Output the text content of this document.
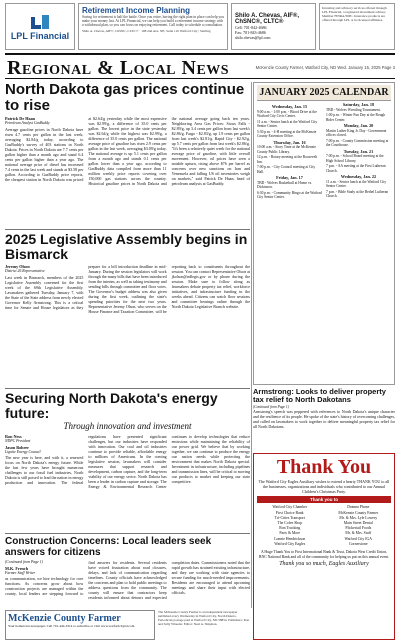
LPL Financial
Retirement Income Planning
Saving for retirement is half the battle. Once you retire, having the right plan in place can help you make your money last. At LPL Financial, we can help you build a retirement income strategy with a withdrawal plan, so you can focus on enjoying retirement. Call today to schedule a consultation.
Shilo A. Chevas, AIF®, ChSNC, CLTC® · 108 2nd Ave. NE, Suite 110 Watford City | Sterling
Shilo A. Chevas, AIF®, ChSNC®, CLTC®
Cell: 701-842-4686
Fax: 701-843-4686
shilo.chevas@lpl.com
Investing and advisory services offered through LPL Financial, a registered investment advisor, Member FINRA/SIPC. Insurance products are offered through LPL or its licensed affiliates.
Regional & Local News	McKenzie County Farmer, Watford City, ND Wed. January 15, 2025 Page 3
North Dakota gas prices continue to rise
Patrick De Haan
Petroleum Analyst GasBuddy
Average gasoline prices in North Dakota have risen 4.7 cents per gallon in the last week, averaging $2.84/g today, according to GasBuddy's survey of 403 stations in North Dakota. Prices in North Dakota are 7.7 cents per gallon higher than a month ago and stand 6.4 cents per gallon higher than a year ago. The national average price of diesel has increased 7.4 cents in the last week and stands at $3.58 per gallon. According to GasBuddy price reports, the cheapest station in North Dakota was priced at $2.64/g yesterday while the most expensive was $2.99/g, a difference of 35.0 cents per gallon. The lowest price in the state yesterday was $2.64/g while the highest was $2.99/g, a difference of 35.0 cents per gallon. The national average price of gasoline has risen 2.9 cents per gallon in the last week, averaging $3.09/g today. The national average is up 5.1 cents per gallon from a month ago and stands 0.1 cents per gallon lower than a year ago, according to GasBuddy data compiled from more than 11 million weekly price reports covering over 150,000 gas stations across the country. Historical gasoline prices in North Dakota and the national average going back ten years. Neighboring Area Gas Prices: Sioux Falls - $2.89/g, up 3.4 cents per gallon from last week's $2.86/g. Fargo - $2.83/g, up 1.9 cents per gallon from last week's $2.81/g. Rapid City - $2.92/g, up 5.7 cents per gallon from last week's $2.86/g. "It's been a relatively quiet week for the national average price of gasoline, with little overall movement. However, oil prices have seen a notable upturn, rising above $76 per barrel as concerns over new sanctions on Iran and Venezuela and falling US oil inventories weigh on markets," said Patrick De Haan, head of petroleum analysis at GasBuddy.
2025 Legislative Assembly begins in Bismarck
Jeremy Olson
District 26 Representative
Last week in Bismarck, members of the 2025 Legislative Assembly convened for the first week of the 69th Legislative Assembly. Lawmakers gathered Tuesday, January 7, with the State of the State address from newly elected Governor Kelly Armstrong. This is a critical time for Senate and House legislators as they prepare for a bill introduction deadline in mid-January. During the session legislators will work through the many bills that have been introduced from the interim, as well as taking testimony and sending bills through committee and floor votes. The Governor's budget address was also given during the first week, outlining the state's spending priorities for the next two years. Representative Jeremy Olson, who serves on the House Finance and Taxation Committee, will be reporting back to constituents throughout the session. You can contact Representative Olson at jkolson@ndlegis.gov or by phone during the session. Make sure to follow along as lawmakers debate property tax relief, workforce initiatives, and infrastructure funding in the weeks ahead. Citizens can watch floor sessions and committee hearings online through the North Dakota Legislative Branch website.
Securing North Dakota's energy future:
Through innovation and investment
Ron Ness
NDPC President
Jason Bohrer
Lignite Energy Council
The new year is here, and with it, a renewed focus on North Dakota's energy future. While the last few years have brought numerous challenges to our fossil fuel industries, North Dakota is still poised to lead the nation in energy production and innovation. The federal regulations have presented significant challenges, but our industries have responded with innovation. Our coal and oil industries continue to provide reliable, affordable energy to millions of Americans. In the coming legislative session, lawmakers will consider measures that support research and development, carbon capture, and the long-term viability of our energy sector. North Dakota has been a leader in carbon capture and storage. The Energy & Environmental Research Center continues to develop technologies that reduce emissions while maintaining the reliability of our power grid. We believe that by working together, we can continue to produce the energy our nation needs while protecting the environment that makes North Dakota special. Investment in infrastructure, including pipelines and transmission lines, will be critical to moving our products to market and keeping our state competitive.
Construction Concerns: Local leaders seek answers for citizens
(Continued from Page 1)
M.K. French
Farmer Staff Writer
as communication, we hire technology for core functions. As concerns grow about how construction projects are managed within the county, local leaders are stepping forward to find answers for residents. Several residents have voiced frustration about road closures, delays, and lack of communication regarding timelines. County officials have acknowledged the concerns and plan to hold public meetings to address questions from the community. The county will ensure that contractors keep residents informed about detours and expected completion dates. Commissioners noted that the rapid growth has strained existing infrastructure, and they are working with state agencies to secure funding for much-needed improvements. Residents are encouraged to attend upcoming meetings and share their input with elected officials.
McKenzie County Farmer
Your hometown newspaper. Call 701-444-3314 to subscribe or visit www.watfordcitynd.com
The McKenzie County Farmer is an independent newspaper published every Wednesday in Watford City, North Dakota. Periodicals postage paid at Watford City, ND 58854. Publishers: Ron and Sally Wheeler. Editor: Neal A. Shipman.
JANUARY 2025 CALENDAR
Wednesday, Jan. 15
9:00 a.m. - 1:00 p.m. - Blood Drive at the Watford City Civic Center.
11 a.m. - Senior lunch at the Watford City Senior Center.
5:30 p.m. - 4-H meeting at the McKenzie County Extension Office.
Thursday, Jan. 16
10:00 a.m. - Story Time at the McKenzie County Public Library.
12 p.m. - Rotary meeting at the Roosevelt Inn.
7:00 p.m. - City Council meeting at City Hall.
Friday, Jan. 17
TBD - Wolves Basketball at Home vs. Dickinson.
6:30 p.m. - Community Bingo at the Watford City Senior Center.
Saturday, Jan. 18
TBD - Wolves Wrestling Tournament.
1:00 p.m. - Winter Fun Day at the Rough Rider Center.
Monday, Jan. 20
Martin Luther King Jr. Day - Government offices closed.
7:00 p.m. - County Commission meeting at the Courthouse.
Tuesday, Jan. 21
7:00 p.m. - School Board meeting at the High School Library.
7 p.m. - AA meeting at the First Lutheran Church.
Wednesday, Jan. 22
11 a.m. - Senior lunch at the Watford City Senior Center.
7 p.m. - Bible Study at the Bethel Lutheran Church.
Armstrong: Looks to deliver property tax relief to North Dakotans
(Continued from Page 1)
Armstrong's speech was peppered with references to North Dakota's unique character and the resilience of its people. He spoke of the state's history of overcoming challenges, and called on lawmakers to work together to deliver meaningful property tax relief for all North Dakotans.
Thank You
The Watford City Eagles Auxiliary wishes to extend a hearty THANK YOU to all the businesses, organizations and individuals who contributed to our Annual Children's Christmas Party.
Thank you to
Watford City Chamber
First Choice Bank
Tri-Cities Transport
The Cofee Shop
Ron Trucking
Parts & More
Lonnie Hendrickson
Watford City Eagles
Deanna Phone
McKenzie County Farmer
Mr. & Mrs. Lyle Lowery
Main Street Dental
Flickertail Foods
Mr. & Mrs. Stuff
Watford City IGA
Cornerstone
A Huge Thank You to First International Bank & Trust, Dakota West Credit Union, BNC National Bank and all of the community for helping us put on this annual event.
Thank you so much, Eagles Auxiliary
